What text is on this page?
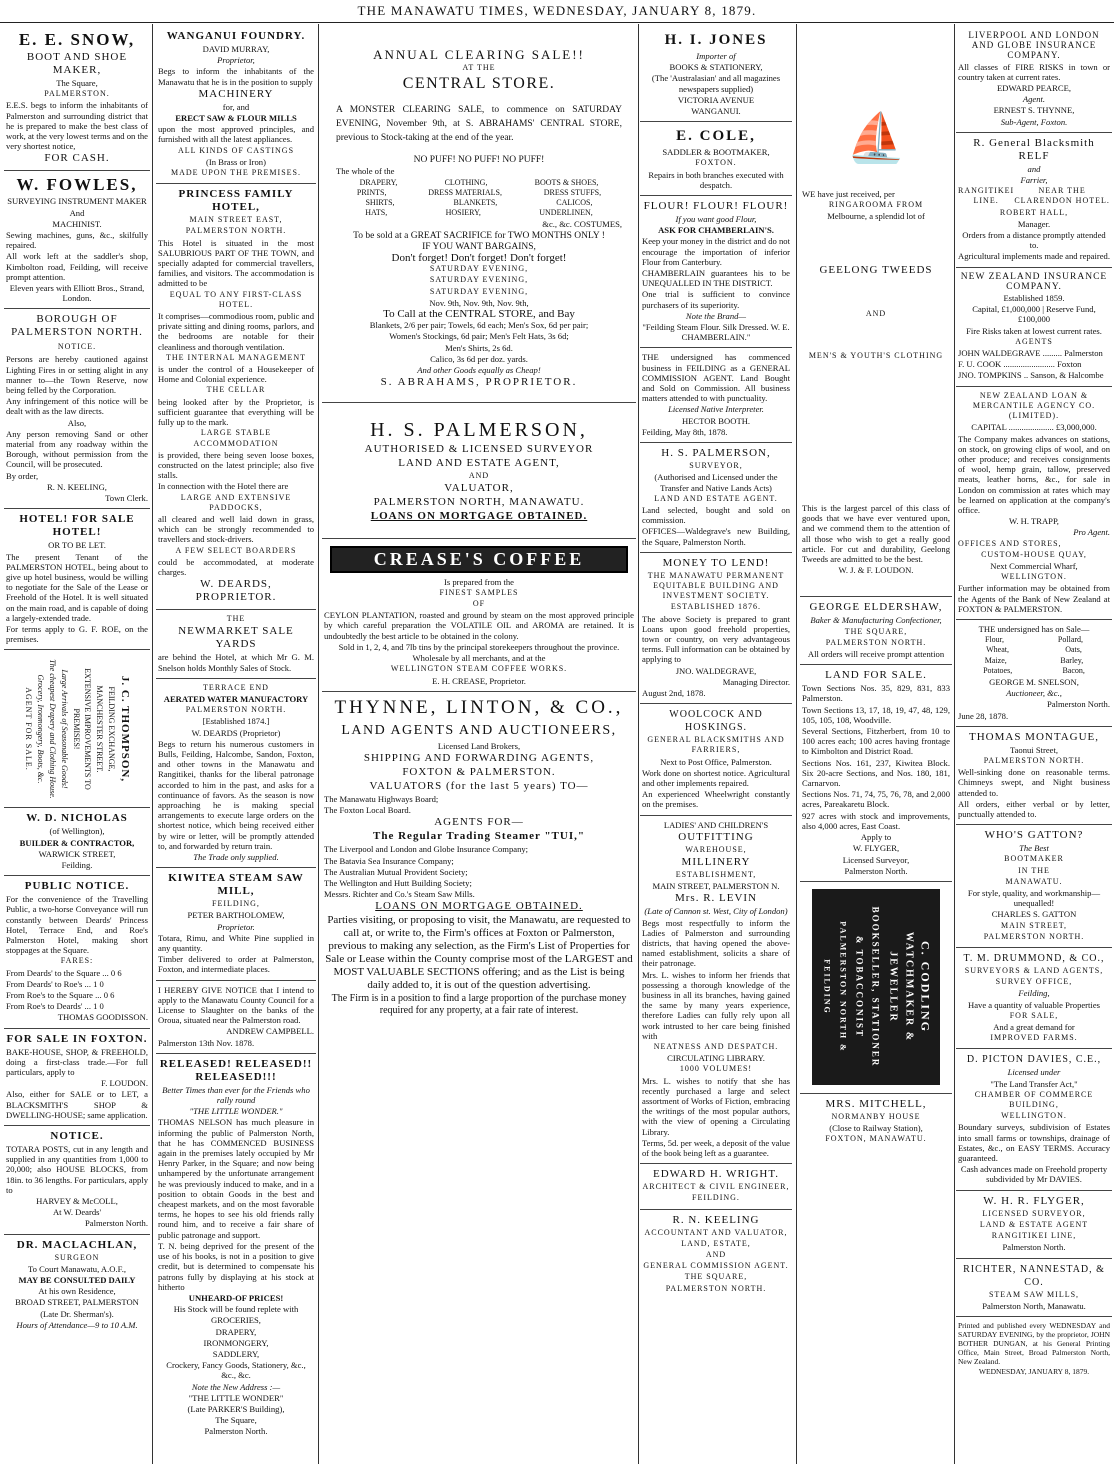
THE MANAWATU TIMES, WEDNESDAY, JANUARY 8, 1879.

E. E. SNOW,

BOOT AND SHOE MAKER,

The Square,

PALMERSTON.

E.E.S. begs to inform the inhabitants of Palmerston and surrounding district that he is prepared to make the best class of work, at the very lowest terms and on the very shortest notice,

FOR CASH.

W. FOWLES,

SURVEYING INSTRUMENT MAKER

And

MACHINIST.

Sewing machines, guns, &c., skilfully repaired.

All work left at the saddler's shop, Kimbolton road, Feilding, will receive prompt attention.

Eleven years with Elliott Bros., Strand, London.

BOROUGH OF PALMERSTON NORTH.

NOTICE.

Persons are hereby cautioned against Lighting Fires in or setting alight in any manner to—the Town Reserve, now being felled by the Corporation.

Any infringement of this notice will be dealt with as the law directs.

Also,

Any person removing Sand or other material from any roadway within the Borough, without permission from the Council, will be prosecuted.

By order,

R. N. KEELING,

Town Clerk.

HOTEL! FOR SALE HOTEL!

OR TO BE LET.

The present Tenant of the PALMERSTON HOTEL, being about to give up hotel business, would be willing to negotiate for the Sale of the Lease or Freehold of the Hotel. It is well situated on the main road, and is capable of doing a largely-extended trade.

For terms apply to G. F. ROE, on the premises.

J. C. THOMPSON,

FEILDING EXCHANGE,

MANCHESTER STREET.

EXTENSIVE IMPROVEMENTS TO PREMISES!

Large Arrivals of Seasonable Goods!

The cheapest Drapery and Clothing House.

Grocery, Ironmongery, Boots, &c.

AGENT FOR SALE.

W. D. NICHOLAS

(of Wellington),

BUILDER & CONTRACTOR,

WARWICK STREET,

Feilding.

PUBLIC NOTICE.

For the convenience of the Travelling Public, a two-horse Conveyance will run constantly between Deards' Princess Hotel, Terrace End, and Roe's Palmerston Hotel, making short stoppages at the Square.

FARES:

From Deards' to the Square ... 0 6

From Deards' to Roe's ... 1 0

From Roe's to the Square ... 0 6

From Roe's to Deards' ... 1 0

THOMAS GOODISSON.

FOR SALE IN FOXTON.

BAKE-HOUSE, SHOP, & FREEHOLD, doing a first-class trade.—For full particulars, apply to

F. LOUDON.

Also, either for SALE or to LET, a BLACKSMITH'S SHOP & DWELLING-HOUSE; same application.

NOTICE.

TOTARA POSTS, cut in any length and supplied in any quantities from 1,000 to 20,000; also HOUSE BLOCKS, from 18in. to 36 lengths. For particulars, apply to

HARVEY & McCOLL,

At W. Deards'

Palmerston North.

DR. MACLACHLAN,

SURGEON

To Court Manawatu, A.O.F.,

MAY BE CONSULTED DAILY

At his own Residence,

BROAD STREET, PALMERSTON

(Late Dr. Sherman's).

Hours of Attendance—9 to 10 A.M.

WANGANUI FOUNDRY.

DAVID MURRAY,

Proprietor,

Begs to inform the inhabitants of the Manawatu that he is in the position to supply

MACHINERY

for, and

ERECT SAW & FLOUR MILLS

upon the most approved principles, and furnished with all the latest appliances.

ALL KINDS OF CASTINGS

(In Brass or Iron)

MADE UPON THE PREMISES.

PRINCESS FAMILY HOTEL,

MAIN STREET EAST,

PALMERSTON NORTH.

This Hotel is situated in the most SALUBRIOUS PART OF THE TOWN, and specially adapted for commercial travellers, families, and visitors. The accommodation is admitted to be

EQUAL TO ANY FIRST-CLASS HOTEL.

It comprises—commodious room, public and private sitting and dining rooms, parlors, and the bedrooms are notable for their cleanliness and thorough ventilation.

THE INTERNAL MANAGEMENT

is under the control of a Housekeeper of Home and Colonial experience.

THE CELLAR

being looked after by the Proprietor, is sufficient guarantee that everything will be fully up to the mark.

LARGE STABLE ACCOMMODATION

is provided, there being seven loose boxes, constructed on the latest principle; also five stalls.

In connection with the Hotel there are

LARGE AND EXTENSIVE PADDOCKS,

all cleared and well laid down in grass, which can be strongly recommended to travellers and stock-drivers.

A FEW SELECT BOARDERS

could be accommodated, at moderate charges.

W. DEARDS, PROPRIETOR.

THE

NEWMARKET SALE YARDS

are behind the Hotel, at which Mr G. M. Snelson holds Monthly Sales of Stock.

TERRACE END

AERATED WATER MANUFACTORY

PALMERSTON NORTH.

[Established 1874.]

W. DEARDS (Proprietor)

Begs to return his numerous customers in Bulls, Feilding, Halcombe, Sandon, Foxton, and other towns in the Manawatu and Rangitikei, thanks for the liberal patronage accorded to him in the past, and asks for a continuance of favors. As the season is now approaching he is making special arrangements to execute large orders on the shortest notice, which being received either by wire or letter, will be promptly attended to, and forwarded by return train.

The Trade only supplied.

KIWITEA STEAM SAW MILL,

FEILDING,

PETER BARTHOLOMEW,

Proprietor.

Totara, Rimu, and White Pine supplied in any quantity.

Timber delivered to order at Palmerston, Foxton, and intermediate places.

I HEREBY GIVE NOTICE that I intend to apply to the Manawatu County Council for a License to Slaughter on the banks of the Oroua, situated near the Palmerston road.

ANDREW CAMPBELL.

Palmerston 13th Nov. 1878.

RELEASED! RELEASED!! RELEASED!!!

Better Times than ever for the Friends who rally round

"THE LITTLE WONDER."

THOMAS NELSON has much pleasure in informing the public of Palmerston North, that he has COMMENCED BUSINESS again in the premises lately occupied by Mr Henry Parker, in the Square; and now being unhampered by the unfortunate arrangement he was previously induced to make, and in a position to obtain Goods in the best and cheapest markets, and on the most favorable terms, he hopes to see his old friends rally round him, and to receive a fair share of public patronage and support.

T. N. being deprived for the present of the use of his books, is not in a position to give credit, but is determined to compensate his patrons fully by displaying at his stock at hitherto

UNHEARD-OF PRICES!

His Stock will be found replete with

GROCERIES,

DRAPERY,

IRONMONGERY,

SADDLERY,

Crockery, Fancy Goods, Stationery, &c., &c., &c.

Note the New Address :—

"THE LITTLE WONDER"

(Late PARKER'S Building),

The Square,

Palmerston North.

ANNUAL CLEARING SALE!!

AT THE

CENTRAL STORE.

A MONSTER CLEARING SALE, to commence on SATURDAY EVENING, November 9th, at S. ABRAHAMS' CENTRAL STORE, previous to Stock-taking at the end of the year.

NO PUFF! NO PUFF! NO PUFF!

The whole of the

DRAPERY,	CLOTHING,	BOOTS & SHOES,
PRINTS,	DRESS MATERIALS,	DRESS STUFFS,
SHIRTS,	BLANKETS,	CALICOS,
HATS,	HOSIERY,	UNDERLINEN,

&c., &c. COSTUMES,

To be sold at a GREAT SACRIFICE for TWO MONTHS ONLY !

IF YOU WANT BARGAINS,

Don't forget! Don't forget! Don't forget!

SATURDAY EVENING,

SATURDAY EVENING,

SATURDAY EVENING,

Nov. 9th, Nov. 9th, Nov. 9th,

To Call at the CENTRAL STORE, and Bay

Blankets, 2/6 per pair; Towels, 6d each; Men's Sox, 6d per pair;

Women's Stockings, 6d pair; Men's Felt Hats, 3s 6d;

Men's Shirts, 2s 6d.

Calico, 3s 6d per doz. yards.

And other Goods equally as Cheap!

S. ABRAHAMS, PROPRIETOR.

H. S. PALMERSON,

AUTHORISED & LICENSED SURVEYOR

LAND AND ESTATE AGENT,

AND

VALUATOR,

PALMERSTON NORTH, MANAWATU.

LOANS ON MORTGAGE OBTAINED.

CREASE'S COFFEE

Is prepared from the

FINEST SAMPLES

OF

CEYLON PLANTATION, roasted and ground by steam on the most approved principle by which careful preparation the VOLATILE OIL and AROMA are retained. It is undoubtedly the best article to be obtained in the colony.

Sold in 1, 2, 4, and 7lb tins by the principal storekeepers throughout the province.

Wholesale by all merchants, and at the

WELLINGTON STEAM COFFEE WORKS.

E. H. CREASE, Proprietor.

THYNNE, LINTON, & CO.,

LAND AGENTS AND AUCTIONEERS,

Licensed Land Brokers,

SHIPPING AND FORWARDING AGENTS,

FOXTON & PALMERSTON.

VALUATORS (for the last 5 years) TO—

The Manawatu Highways Board;

The Foxton Local Board.

AGENTS FOR—

The Regular Trading Steamer "TUI,"

The Liverpool and London and Globe Insurance Company;

The Batavia Sea Insurance Company;

The Australian Mutual Provident Society;

The Wellington and Hutt Building Society;

Messrs. Richter and Co.'s Steam Saw Mills.

LOANS ON MORTGAGE OBTAINED.

Parties visiting, or proposing to visit, the Manawatu, are requested to call at, or write to, the Firm's offices at Foxton or Palmerston, previous to making any selection, as the Firm's List of Properties for Sale or Lease within the County comprise most of the LARGEST and MOST VALUABLE SECTIONS offering; and as the List is being daily added to, it is out of the question advertising.

The Firm is in a position to find a large proportion of the purchase money required for any property, at a fair rate of interest.

H. I. JONES

Importer of

BOOKS & STATIONERY,

(The 'Australasian' and all magazines newspapers supplied)

VICTORIA AVENUE

WANGANUI.

E. COLE,

SADDLER & BOOTMAKER,

FOXTON.

Repairs in both branches executed with despatch.

FLOUR! FLOUR! FLOUR!

If you want good Flour,

ASK FOR CHAMBERLAIN'S.

Keep your money in the district and do not encourage the importation of inferior Flour from Canterbury.

CHAMBERLAIN guarantees his to be UNEQUALLED IN THE DISTRICT.

One trial is sufficient to convince purchasers of its superiority.

Note the Brand—

"Feilding Steam Flour. Silk Dressed. W. E. CHAMBERLAIN."

THE undersigned has commenced business in FEILDING as a GENERAL COMMISSION AGENT. Land Bought and Sold on Commission. All business matters attended to with punctuality.

Licensed Native Interpreter.

HECTOR BOOTH.

Feilding, May 8th, 1878.

H. S. PALMERSON,

SURVEYOR,

(Authorised and Licensed under the Transfer and Native Lands Acts)

LAND AND ESTATE AGENT.

Land selected, bought and sold on commission.

OFFICES—Waldegrave's new Building, the Square, Palmerston North.

MONEY TO LEND!

THE MANAWATU PERMANENT EQUITABLE BUILDING AND INVESTMENT SOCIETY.

ESTABLISHED 1876.

The above Society is prepared to grant Loans upon good freehold properties, town or country, on very advantageous terms. Full information can be obtained by applying to

JNO. WALDEGRAVE,

Managing Director.

August 2nd, 1878.

WOOLCOCK AND HOSKINGS.

GENERAL BLACKSMITHS AND FARRIERS,

Next to Post Office, Palmerston.

Work done on shortest notice. Agricultural and other implements repaired.

An experienced Wheelwright constantly on the premises.

LADIES' AND CHILDREN'S

OUTFITTING

WAREHOUSE,

MILLINERY

ESTABLISHMENT,

MAIN STREET, PALMERSTON N.

Mrs. R. LEVIN

(Late of Cannon st. West, City of London)

Begs most respectfully to inform the Ladies of Palmerston and surrounding districts, that having opened the above-named establishment, solicits a share of their patronage.

Mrs. L. wishes to inform her friends that possessing a thorough knowledge of the business in all its branches, having gained the same by many years experience, therefore Ladies can fully rely upon all work intrusted to her care being finished with

NEATNESS AND DESPATCH.

CIRCULATING LIBRARY.

1000 VOLUMES!

Mrs. L. wishes to notify that she has recently purchased a large and select assortment of Works of Fiction, embracing the writings of the most popular authors, with the view of opening a Circulating Library.

Terms, 5d. per week, a deposit of the value of the book being left as a guarantee.

EDWARD H. WRIGHT.

ARCHITECT & CIVIL ENGINEER,

FEILDING.

R. N. KEELING

ACCOUNTANT AND VALUATOR,

LAND, ESTATE,

AND

GENERAL COMMISSION AGENT.

THE SQUARE,

PALMERSTON NORTH.

⛵

WE have just received, per

RINGAROOMA FROM

Melbourne, a splendid lot of

GEELONG TWEEDS

AND

MEN'S & YOUTH'S CLOTHING

This is the largest parcel of this class of goods that we have ever ventured upon, and we commend them to the attention of all those who wish to get a really good article. For cut and durability, Geelong Tweeds are admitted to be the best.

W. J. & F. LOUDON.

GEORGE ELDERSHAW,

Baker & Manufacturing Confectioner,

THE SQUARE,

PALMERSTON NORTH.

All orders will receive prompt attention

LAND FOR SALE.

Town Sections Nos. 35, 829, 831, 833 Palmerston.

Town Sections 13, 17, 18, 19, 47, 48, 129, 105, 105, 108, Woodville.

Several Sections, Fitzherbert, from 10 to 100 acres each; 100 acres having frontage to Kimbolton and District Road.

Sections Nos. 161, 237, Kiwitea Block. Six 20-acre Sections, and Nos. 180, 181, Carnarvon.

Sections Nos. 71, 74, 75, 76, 78, and 2,000 acres, Pareakaretu Block.

927 acres with stock and improvements, also 4,000 acres, East Coast.

Apply to

W. FLYGER,

Licensed Surveyor,

Palmerston North.

C. CODLING

WATCHMAKER & JEWELLER

BOOKSELLER, STATIONER & TOBACCONIST

PALMERSTON NORTH & FEILDING

MRS. MITCHELL,

NORMANBY HOUSE

(Close to Railway Station),

FOXTON, MANAWATU.

LIVERPOOL AND LONDON AND GLOBE INSURANCE COMPANY.

All classes of FIRE RISKS in town or country taken at current rates.

EDWARD PEARCE,

Agent.

ERNEST S. THYNNE,

Sub-Agent, Foxton.

R. General Blacksmith RELF

and

Farrier,

RANGITIKEI LINE.
NEAR THE CLARENDON HOTEL.

ROBERT HALL,

Manager.

Orders from a distance promptly attended to.

Agricultural implements made and repaired.

NEW ZEALAND INSURANCE COMPANY.

Established 1859.

Capital, £1,000,000 | Reserve Fund, £100,000

Fire Risks taken at lowest current rates.

AGENTS

JOHN WALDEGRAVE ......... Palmerston

F. U. COOK ........................ Foxton

JNO. TOMPKINS .. Sanson, & Halcombe

NEW ZEALAND LOAN & MERCANTILE AGENCY CO. (LIMITED).

CAPITAL ..................... £3,000,000.

The Company makes advances on stations, on stock, on growing clips of wool, and on other produce; and receives consignments of wool, hemp grain, tallow, preserved meats, leather horns, &c., for sale in London on commission at rates which may be learned on application at the company's office.

W. H. TRAPP,

Pro Agent.

OFFICES AND STORES,

CUSTOM-HOUSE QUAY,

Next Commercial Wharf,

WELLINGTON.

Further information may be obtained from the Agents of the Bank of New Zealand at FOXTON & PALMERSTON.

THE undersigned has on Sale—

Flour,	Pollard,
Wheat,	Oats,
Maize,	Barley,
Potatoes,	Bacon,

GEORGE M. SNELSON,

Auctioneer, &c.,

Palmerston North.

June 28, 1878.

THOMAS MONTAGUE,

Taonui Street,

PALMERSTON NORTH.

Well-sinking done on reasonable terms. Chimneys swept, and Night business attended to.

All orders, either verbal or by letter, punctually attended to.

WHO'S GATTON?

The Best

BOOTMAKER

IN THE

MANAWATU.

For style, quality, and workmanship—unequalled!

CHARLES S. GATTON

MAIN STREET,

PALMERSTON NORTH.

T. M. DRUMMOND, & CO.,

SURVEYORS & LAND AGENTS,

SURVEY OFFICE,

Feilding,

Have a quantity of valuable Properties

FOR SALE,

And a great demand for

IMPROVED FARMS.

D. PICTON DAVIES, C.E.,

Licensed under

"The Land Transfer Act,"

CHAMBER OF COMMERCE BUILDING,

WELLINGTON.

Boundary surveys, subdivision of Estates into small farms or townships, drainage of Estates, &c., on EASY TERMS. Accuracy guaranteed.

Cash advances made on Freehold property subdivided by Mr DAVIES.

W. H. R. FLYGER,

LICENSED SURVEYOR,

LAND & ESTATE AGENT

RANGITIKEI LINE,

Palmerston North.

RICHTER, NANNESTAD, & CO.

STEAM SAW MILLS,

Palmerston North, Manawatu.

Printed and published every WEDNESDAY and SATURDAY EVENING, by the proprietor, JOHN BOTHER DUNGAN, at his General Printing Office, Main Street, Broad Palmerston North, New Zealand.

WEDNESDAY, JANUARY 8, 1879.
